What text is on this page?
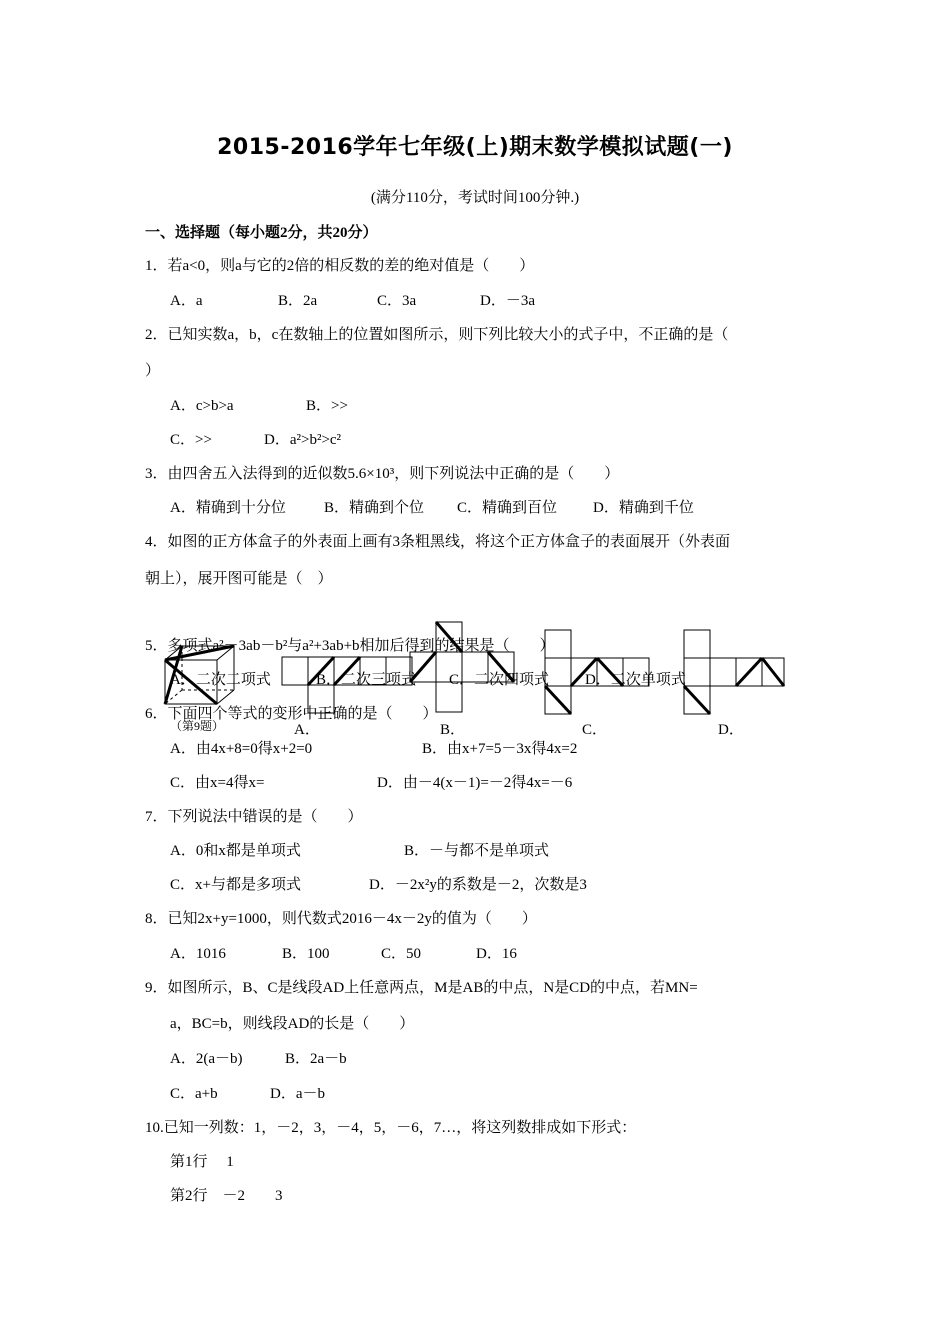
2015-2016学年七年级(上)期末数学模拟试题(一)
(满分110分，考试时间100分钟.)
一、选择题（每小题2分，共20分）
1．若a<0，则a与它的2倍的相反数的差的绝对值是（　　）
A．a	B．2a	C．3a	D．－3a
2．已知实数a，b，c在数轴上的位置如图所示，则下列比较大小的式子中，不正确的是（
）
A．c>b>a	B．>>
C．>>	D．a²>b²>c²
3．由四舍五入法得到的近似数5.6×10³，则下列说法中正确的是（　　）
A．精确到十分位	B．精确到个位 C．精确到百位 D．精确到千位
4．如图的正方体盒子的外表面上画有3条粗黑线，将这个正方体盒子的表面展开（外表面
朝上），展开图可能是（　）
（第9题）	A．	B．	C．	D．
5．多项式a²－3ab－b²与a²+3ab+b相加后得到的结果是（　　）
A．二次二项式	B．二次三项式 C．二次四项式 D．二次单项式
6．下面四个等式的变形中正确的是（　　）
A．由4x+8=0得x+2=0	B．由x+7=5－3x得4x=2
C．由x=4得x=	D．由－4(x－1)=－2得4x=－6
7．下列说法中错误的是（　　）
A．0和x都是单项式	B．－与都不是单项式
C．x+与都是多项式	D．－2x²y的系数是－2，次数是3
8．已知2x+y=1000，则代数式2016－4x－2y的值为（　　）
A．1016	B．100	C．50	D．16
9．如图所示，B、C是线段AD上任意两点，M是AB的中点，N是CD的中点，若MN=
a，BC=b，则线段AD的长是（　　）
A．2(a－b)	B．2a－b
C．a+b	D．a－b
10.已知一列数：1，－2，3，－4，5，－6，7…，将这列数排成如下形式：
第1行　 1
第2行　－2　　3
